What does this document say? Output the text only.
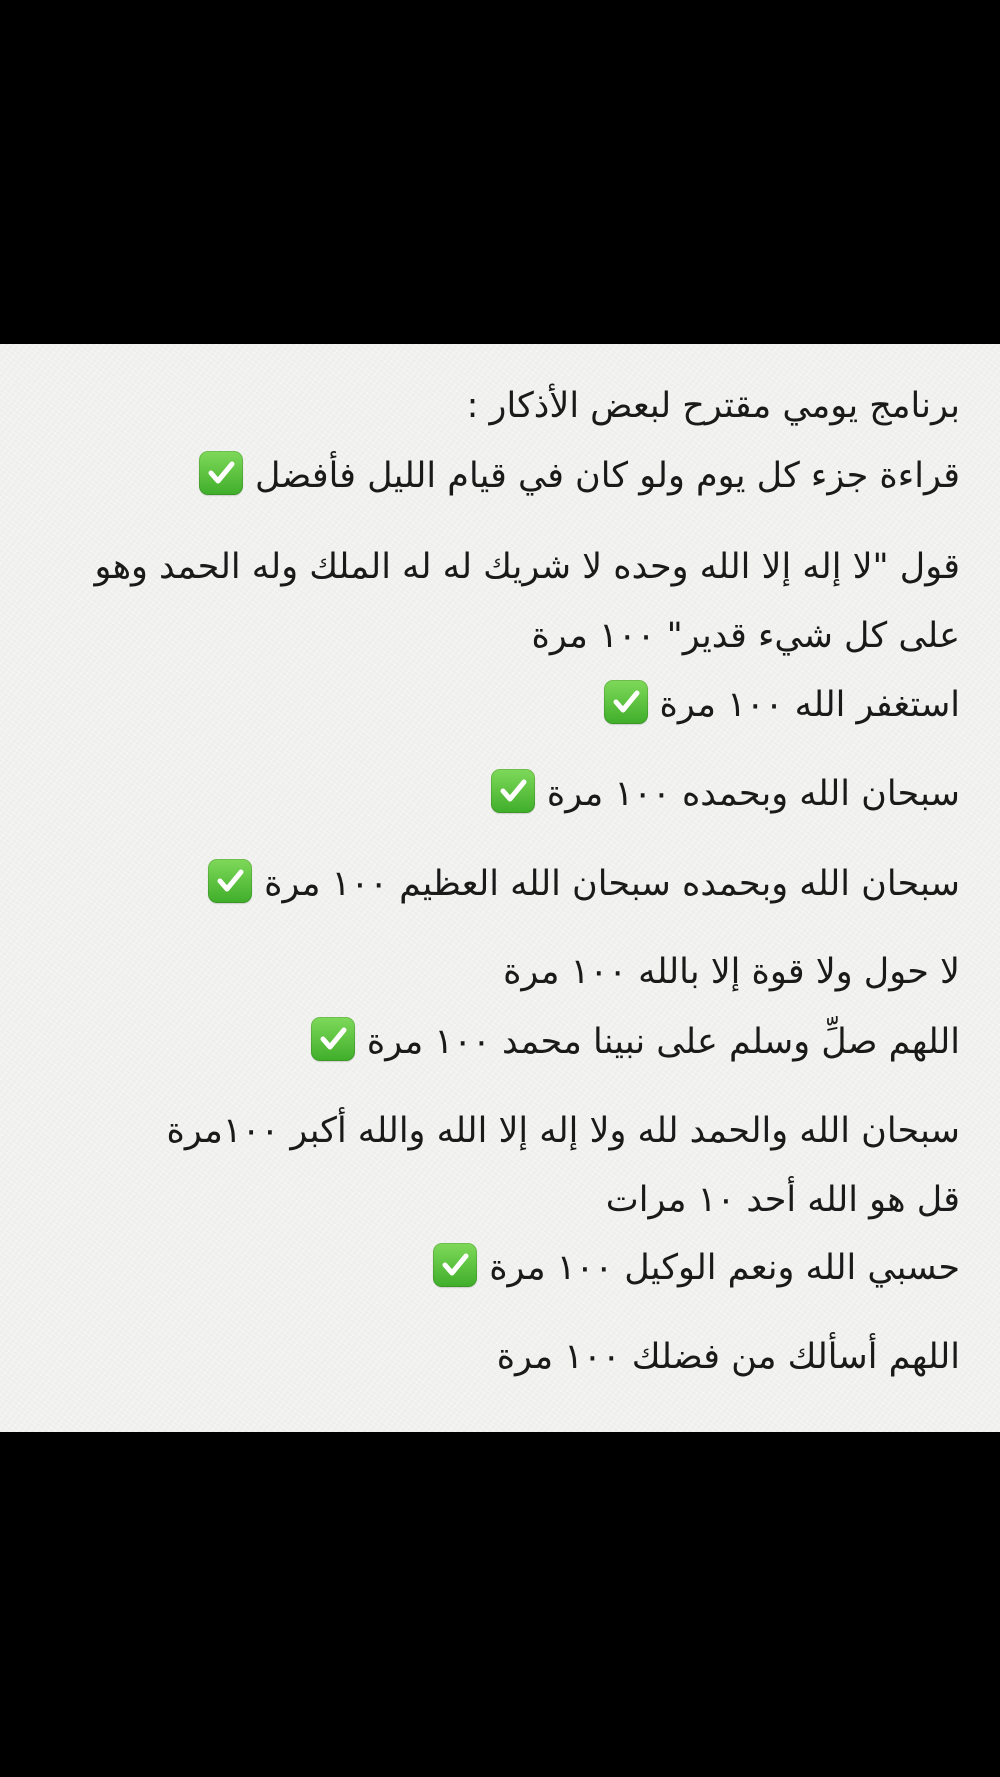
برنامج يومي مقترح لبعض الأذكار :
قراءة جزء كل يوم ولو كان في قيام الليل فأفضل
قول "لا إله إلا الله وحده لا شريك له له الملك وله الحمد وهو
على كل شيء قدير" ١٠٠ مرة
استغفر الله ١٠٠ مرة
سبحان الله وبحمده ١٠٠ مرة
سبحان الله وبحمده سبحان الله العظيم ١٠٠ مرة
لا حول ولا قوة إلا بالله ١٠٠ مرة
اللهم صلِّ وسلم على نبينا محمد ١٠٠ مرة
سبحان الله والحمد لله ولا إله إلا الله والله أكبر ١٠٠مرة
قل هو الله أحد ١٠ مرات
حسبي الله ونعم الوكيل ١٠٠ مرة
اللهم أسألك من فضلك ١٠٠ مرة
